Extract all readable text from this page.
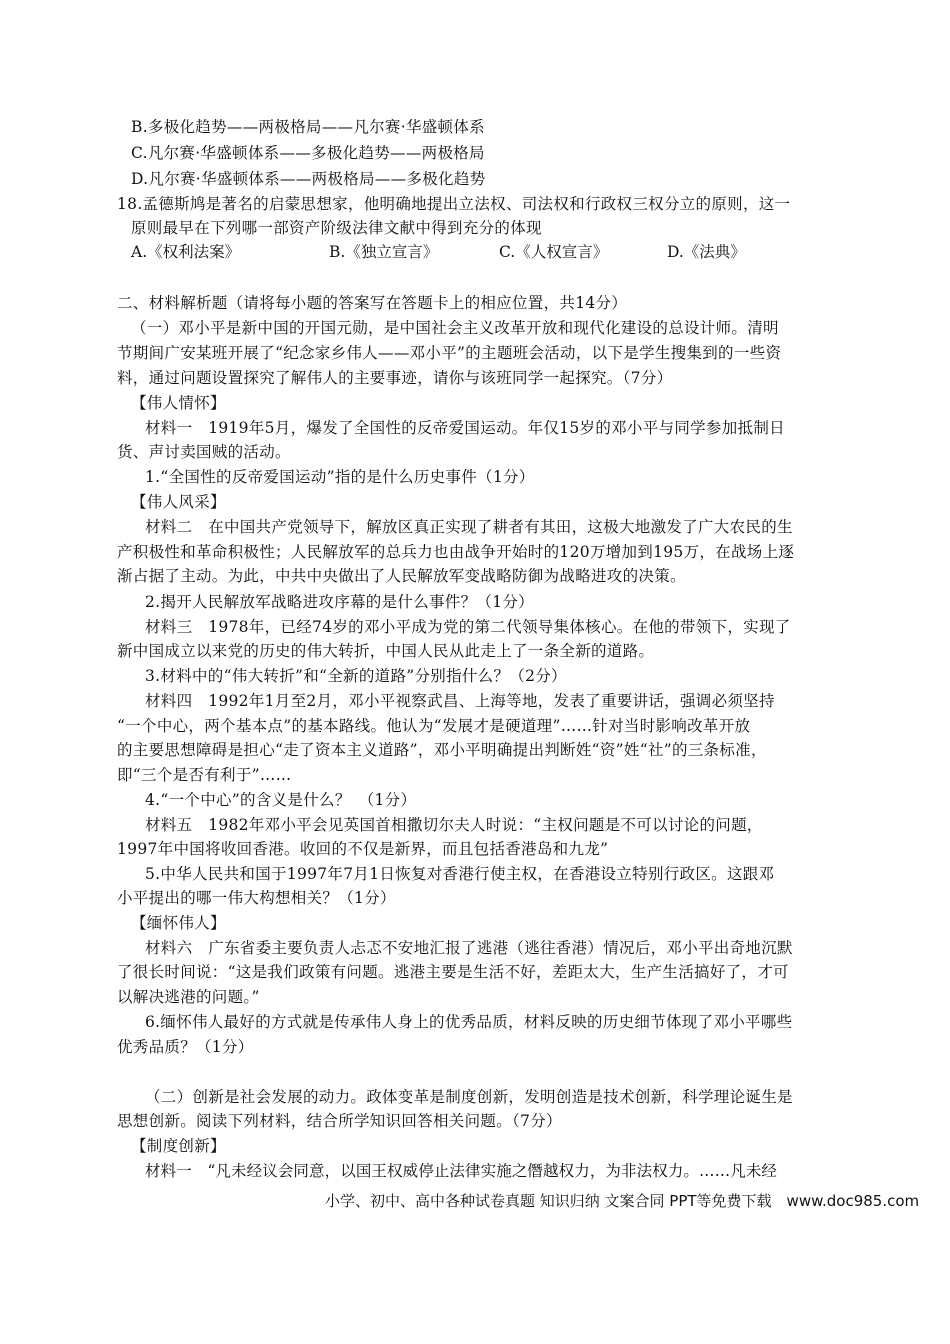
B.多极化趋势——两极格局——凡尔赛·华盛顿体系
C.凡尔赛·华盛顿体系——多极化趋势——两极格局
D.凡尔赛·华盛顿体系——两极格局——多极化趋势
18.孟德斯鸠是著名的启蒙思想家，他明确地提出立法权、司法权和行政权三权分立的原则，这一
原则最早在下列哪一部资产阶级法律文献中得到充分的体现
A.《权利法案》	B.《独立宣言》	C.《人权宣言》	D.《法典》
二、材料解析题（请将每小题的答案写在答题卡上的相应位置，共14分）
（一）邓小平是新中国的开国元勋，是中国社会主义改革开放和现代化建设的总设计师。清明
节期间广安某班开展了“纪念家乡伟人——邓小平”的主题班会活动，以下是学生搜集到的一些资
料，通过问题设置探究了解伟人的主要事迹，请你与该班同学一起探究。（7分）
【伟人情怀】
材料一　1919年5月，爆发了全国性的反帝爱国运动。年仅15岁的邓小平与同学参加抵制日
货、声讨卖国贼的活动。
1.“全国性的反帝爱国运动”指的是什么历史事件（1分）
【伟人风采】
材料二　在中国共产党领导下，解放区真正实现了耕者有其田，这极大地激发了广大农民的生
产积极性和革命积极性；人民解放军的总兵力也由战争开始时的120万增加到195万，在战场上逐
渐占据了主动。为此，中共中央做出了人民解放军变战略防御为战略进攻的决策。
2.揭开人民解放军战略进攻序幕的是什么事件？（1分）
材料三　1978年，已经74岁的邓小平成为党的第二代领导集体核心。在他的带领下，实现了
新中国成立以来党的历史的伟大转折，中国人民从此走上了一条全新的道路。
3.材料中的“伟大转折”和“全新的道路”分别指什么？（2分）
材料四　1992年1月至2月，邓小平视察武昌、上海等地，发表了重要讲话，强调必须坚持
“一个中心，两个基本点”的基本路线。他认为“发展才是硬道理”……针对当时影响改革开放
的主要思想障碍是担心“走了资本主义道路”，邓小平明确提出判断姓“资”姓“社”的三条标准，
即“三个是否有利于”……
4.“一个中心”的含义是什么？　（1分）
材料五　1982年邓小平会见英国首相撒切尔夫人时说：“主权问题是不可以讨论的问题，
1997年中国将收回香港。收回的不仅是新界，而且包括香港岛和九龙”
5.中华人民共和国于1997年7月1日恢复对香港行使主权，在香港设立特别行政区。这跟邓
小平提出的哪一伟大构想相关？（1分）
【缅怀伟人】
材料六　广东省委主要负责人忐忑不安地汇报了逃港（逃往香港）情况后，邓小平出奇地沉默
了很长时间说：“这是我们政策有问题。逃港主要是生活不好，差距太大，生产生活搞好了，才可
以解决逃港的问题。”
6.缅怀伟人最好的方式就是传承伟人身上的优秀品质，材料反映的历史细节体现了邓小平哪些
优秀品质？（1分）
（二）创新是社会发展的动力。政体变革是制度创新，发明创造是技术创新，科学理论诞生是
思想创新。阅读下列材料，结合所学知识回答相关问题。（7分）
【制度创新】
材料一　“凡未经议会同意，以国王权威停止法律实施之僭越权力，为非法权力。……凡未经
小学、初中、高中各种试卷真题 知识归纳 文案合同 PPT等免费下载　www.doc985.com
